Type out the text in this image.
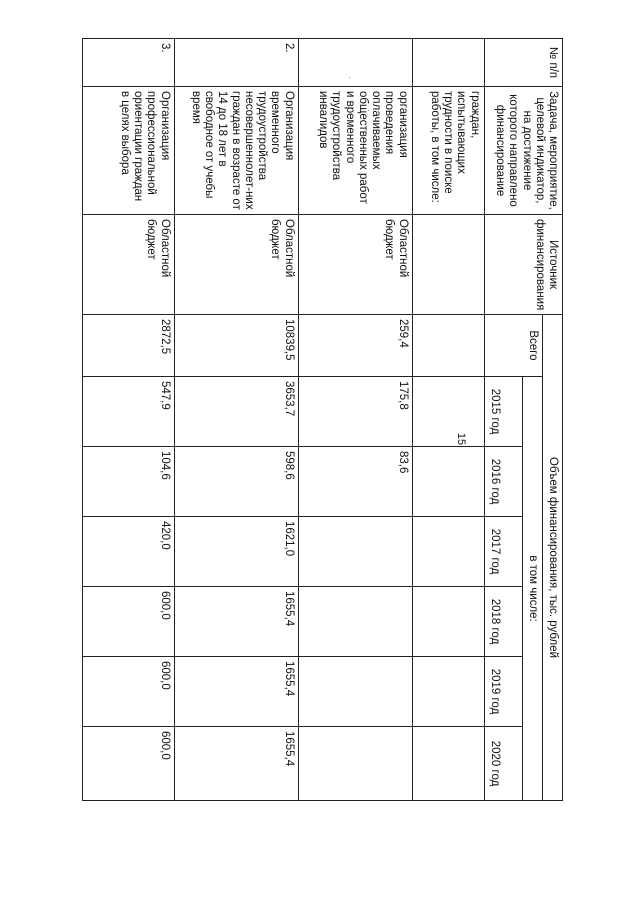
15
№ п/п	Задача, мероприятие, целевой индикатор, на достижение которого направлено финансирование	Источник финансирования	Объем финансирования, тыс. рублей						
			Всего	в том числе:					
				2015 год	2016 год	2017 год	2018 год	2019 год	2020 год
	граждан, испытывающих трудности в поиске работы, в том числе:								
	организация проведения оплачиваемых общественных работ и временного трудоустройства инвалидов	Областной бюджет	259,4	175,8	83,6				
2.	Организация временного трудоустройства несовершеннолет-них граждан в возрасте от 14 до 18 лет в свободное от учебы время	Областной бюджет	10839,5	3653,7	598,6	1621,0	1655,4	1655,4	1655,4
3.	Организация профессиональной ориентации граждан в целях выбора	Областной бюджет	2872,5	547,9	104,6	420,0	600,0	600,0	600,0
